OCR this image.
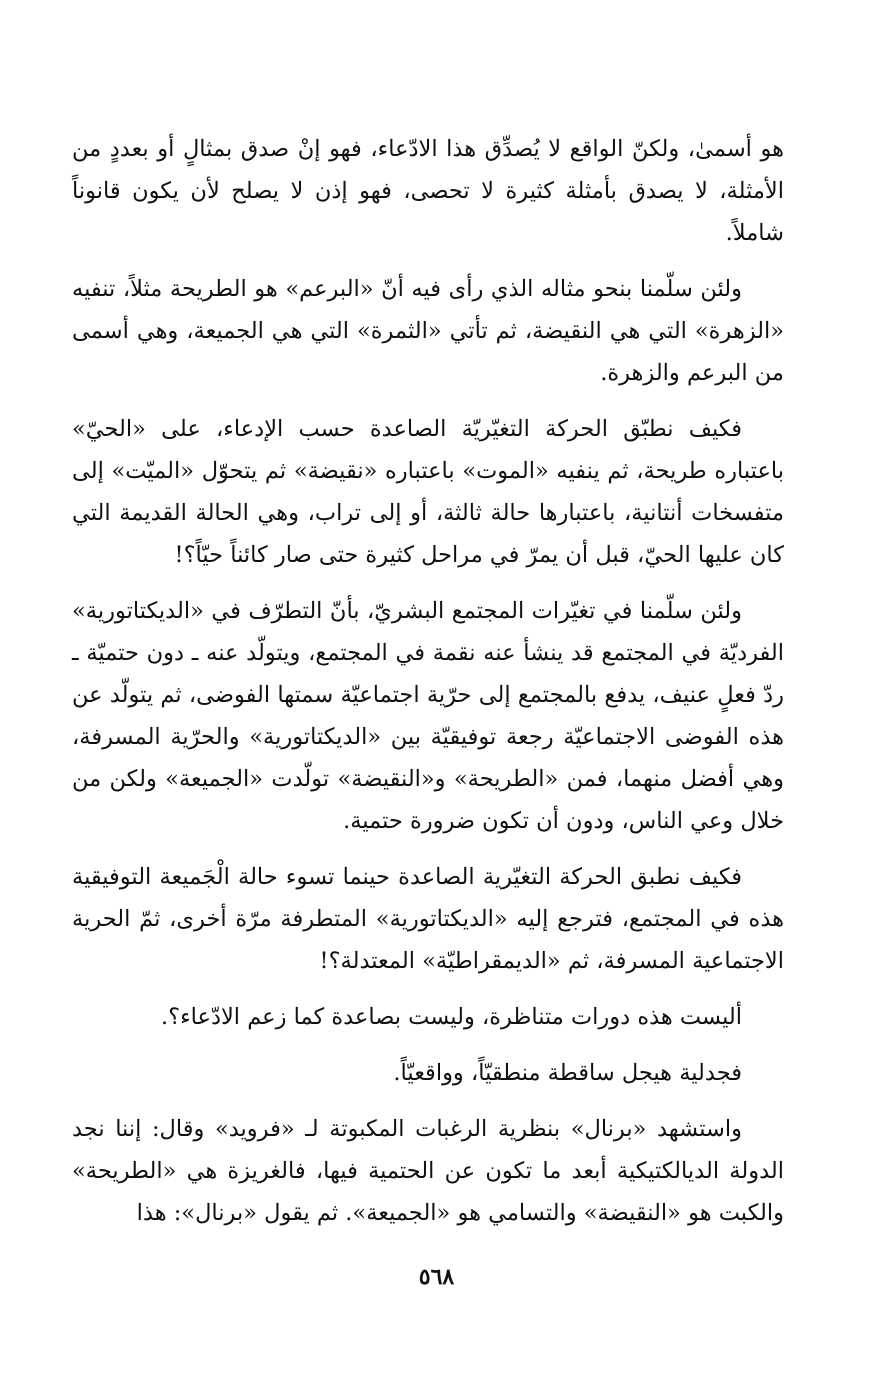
هو أسمىٰ، ولكنّ الواقع لا يُصدِّق هذا الادّعاء، فهو إنْ صدق بمثالٍ أو بعددٍ من الأمثلة، لا يصدق بأمثلة كثيرة لا تحصى، فهو إذن لا يصلح لأن يكون قانوناً شاملاً.

ولئن سلّمنا بنحو مثاله الذي رأى فيه أنّ «البرعم» هو الطريحة مثلاً، تنفيه «الزهرة» التي هي النقيضة، ثم تأتي «الثمرة» التي هي الجميعة، وهي أسمى من البرعم والزهرة.

فكيف نطبّق الحركة التغيّريّة الصاعدة حسب الإدعاء، على «الحيّ» باعتباره طريحة، ثم ينفيه «الموت» باعتباره «نقيضة» ثم يتحوّل «الميّت» إلى متفسخات أنتانية، باعتبارها حالة ثالثة، أو إلى تراب، وهي الحالة القديمة التي كان عليها الحيّ، قبل أن يمرّ في مراحل كثيرة حتى صار كائناً حيّاً؟!

ولئن سلّمنا في تغيّرات المجتمع البشريّ، بأنّ التطرّف في «الديكتاتورية» الفرديّة في المجتمع قد ينشأ عنه نقمة في المجتمع، ويتولّد عنه ـ دون حتميّة ـ ردّ فعلٍ عنيف، يدفع بالمجتمع إلى حرّية اجتماعيّة سمتها الفوضى، ثم يتولّد عن هذه الفوضى الاجتماعيّة رجعة توفيقيّة بين «الديكتاتورية» والحرّية المسرفة، وهي أفضل منهما، فمن «الطريحة» و«النقيضة» تولّدت «الجميعة» ولكن من خلال وعي الناس، ودون أن تكون ضرورة حتمية.

فكيف نطبق الحركة التغيّرية الصاعدة حينما تسوء حالة الْجَميعة التوفيقية هذه في المجتمع، فترجع إليه «الديكتاتورية» المتطرفة مرّة أخرى، ثمّ الحرية الاجتماعية المسرفة، ثم «الديمقراطيّة» المعتدلة؟!

أليست هذه دورات متناظرة، وليست بصاعدة كما زعم الادّعاء؟.

فجدلية هيجل ساقطة منطقيّاً، وواقعيّاً.

واستشهد «برنال» بنظرية الرغبات المكبوتة لـ «فرويد» وقال: إننا نجد الدولة الديالكتيكية أبعد ما تكون عن الحتمية فيها، فالغريزة هي «الطريحة» والكبت هو «النقيضة» والتسامي هو «الجميعة». ثم يقول «برنال»: هذا

٥٦٨
